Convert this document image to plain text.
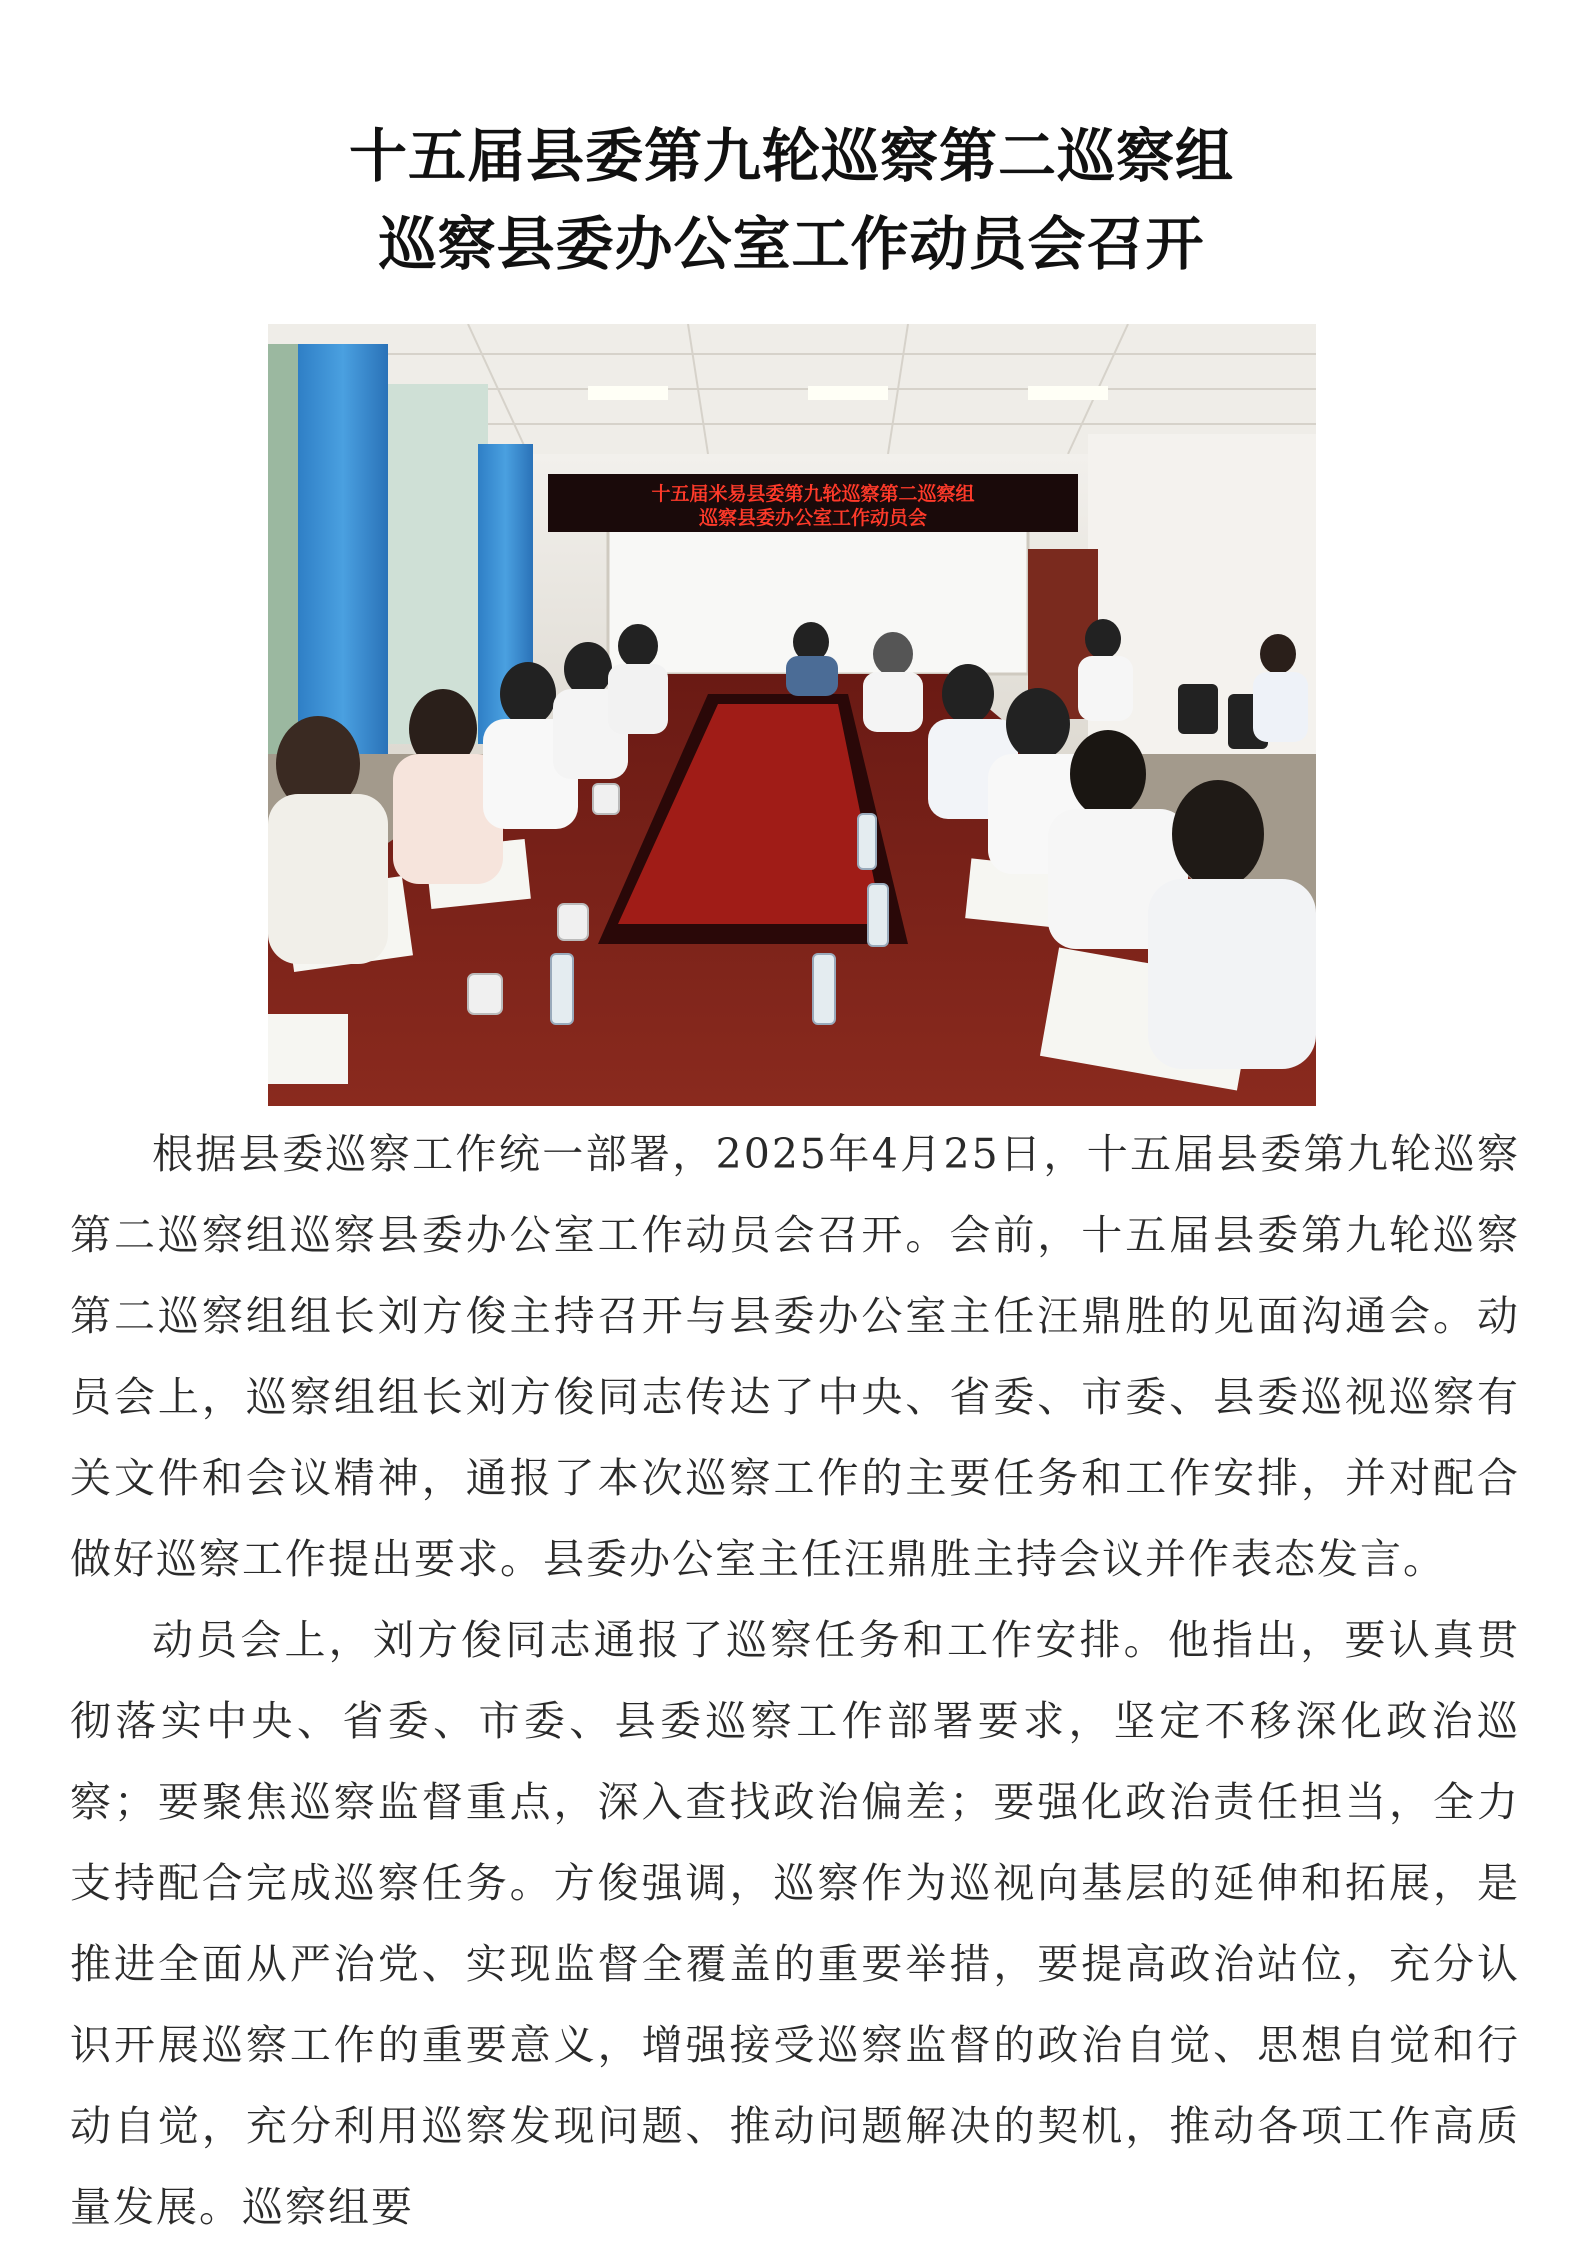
十五届县委第九轮巡察第二巡察组
巡察县委办公室工作动员会召开
十五届米易县委第九轮巡察第二巡察组
巡察县委办公室工作动员会

根据县委巡察工作统一部署，2025年4月25日，十五届县委第九轮巡察第二巡察组巡察县委办公室工作动员会召开。会前，十五届县委第九轮巡察第二巡察组组长刘方俊主持召开与县委办公室主任汪鼎胜的见面沟通会。动员会上，巡察组组长刘方俊同志传达了中央、省委、市委、县委巡视巡察有关文件和会议精神，通报了本次巡察工作的主要任务和工作安排，并对配合做好巡察工作提出要求。县委办公室主任汪鼎胜主持会议并作表态发言。

动员会上，刘方俊同志通报了巡察任务和工作安排。他指出，要认真贯彻落实中央、省委、市委、县委巡察工作部署要求，坚定不移深化政治巡察；要聚焦巡察监督重点，深入查找政治偏差；要强化政治责任担当，全力支持配合完成巡察任务。方俊强调，巡察作为巡视向基层的延伸和拓展，是推进全面从严治党、实现监督全覆盖的重要举措，要提高政治站位，充分认识开展巡察工作的重要意义，增强接受巡察监督的政治自觉、思想自觉和行动自觉，充分利用巡察发现问题、推动问题解决的契机，推动各项工作高质量发展。巡察组要
